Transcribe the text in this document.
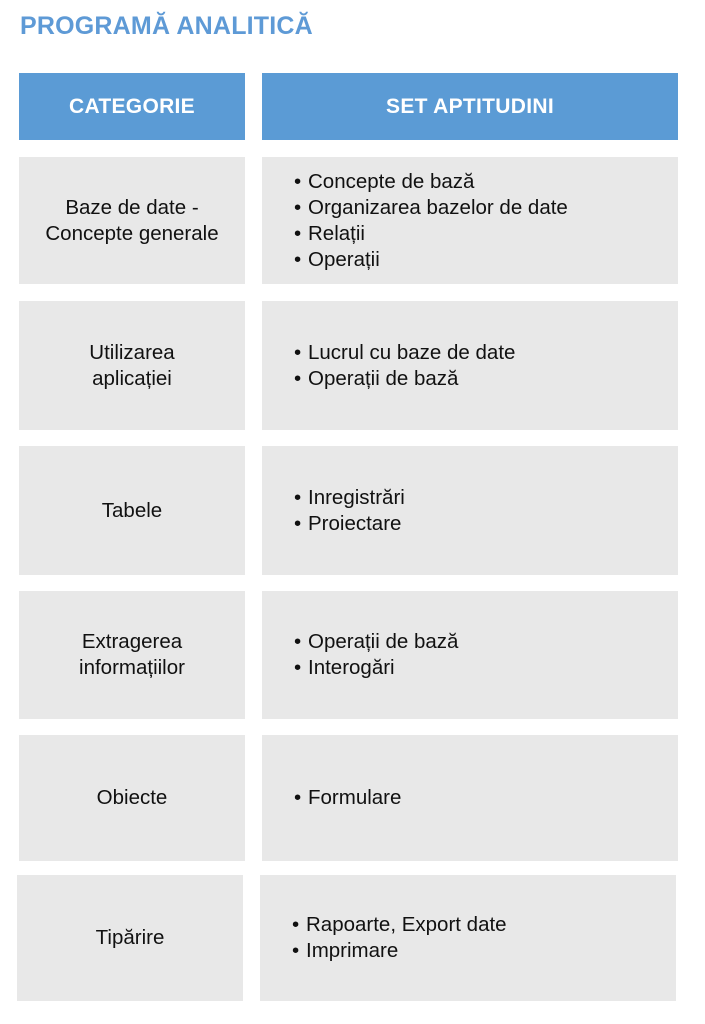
PROGRAMĂ ANALITICĂ
CATEGORIE	SET APTITUDINI
Baze de date -
Concepte generale
• Concepte de bază
• Organizarea bazelor de date
• Relații
• Operații
Utilizarea
aplicației
• Lucrul cu baze de date
• Operații de bază
Tabele
• Inregistrări
• Proiectare
Extragerea
informațiilor
• Operații de bază
• Interogări
Obiecte
•	Formulare
Tipărire
• Rapoarte, Export date
• Imprimare
